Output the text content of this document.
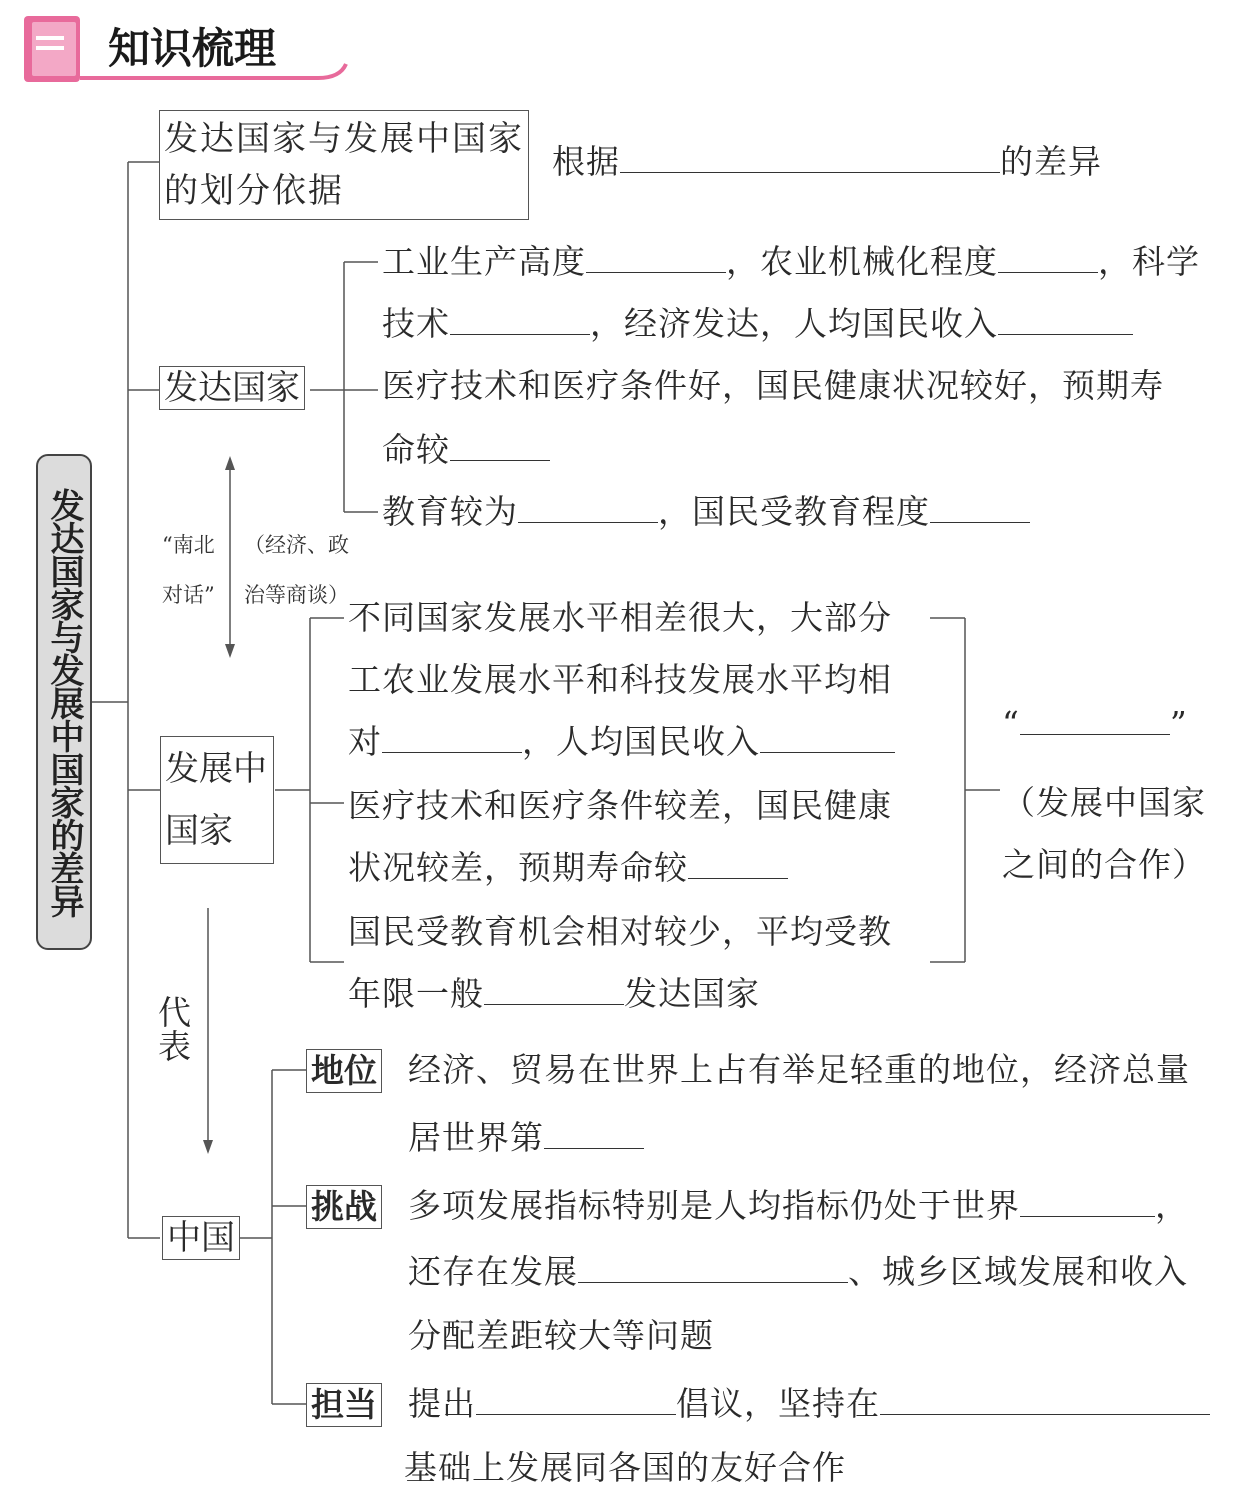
知识梳理
发达国家与发展中国家的差异
发达国家与发展中国家
的划分依据
根据	的差异
发达国家
工业生产高度	，农业机械化程度	，科学
技术	，经济发达，人均国民收入
医疗技术和医疗条件好，国民健康状况较好，预期寿
命较
教育较为	，国民受教育程度
“南北
对话”
（经济、政
治等商谈）
发展中
国家
不同国家发展水平相差很大，大部分
工农业发展水平和科技发展水平均相
对	，人均国民收入
医疗技术和医疗条件较差，国民健康
状况较差，预期寿命较
国民受教育机会相对较少，平均受教
年限一般	发达国家
“	”
（发展中国家
之间的合作）
代
表
中国
地位 经济、贸易在世界上占有举足轻重的地位，经济总量
居世界第
挑战 多项发展指标特别是人均指标仍处于世界	，
还存在发展	、城乡区域发展和收入
分配差距较大等问题
担当 提出	倡议，坚持在
基础上发展同各国的友好合作
